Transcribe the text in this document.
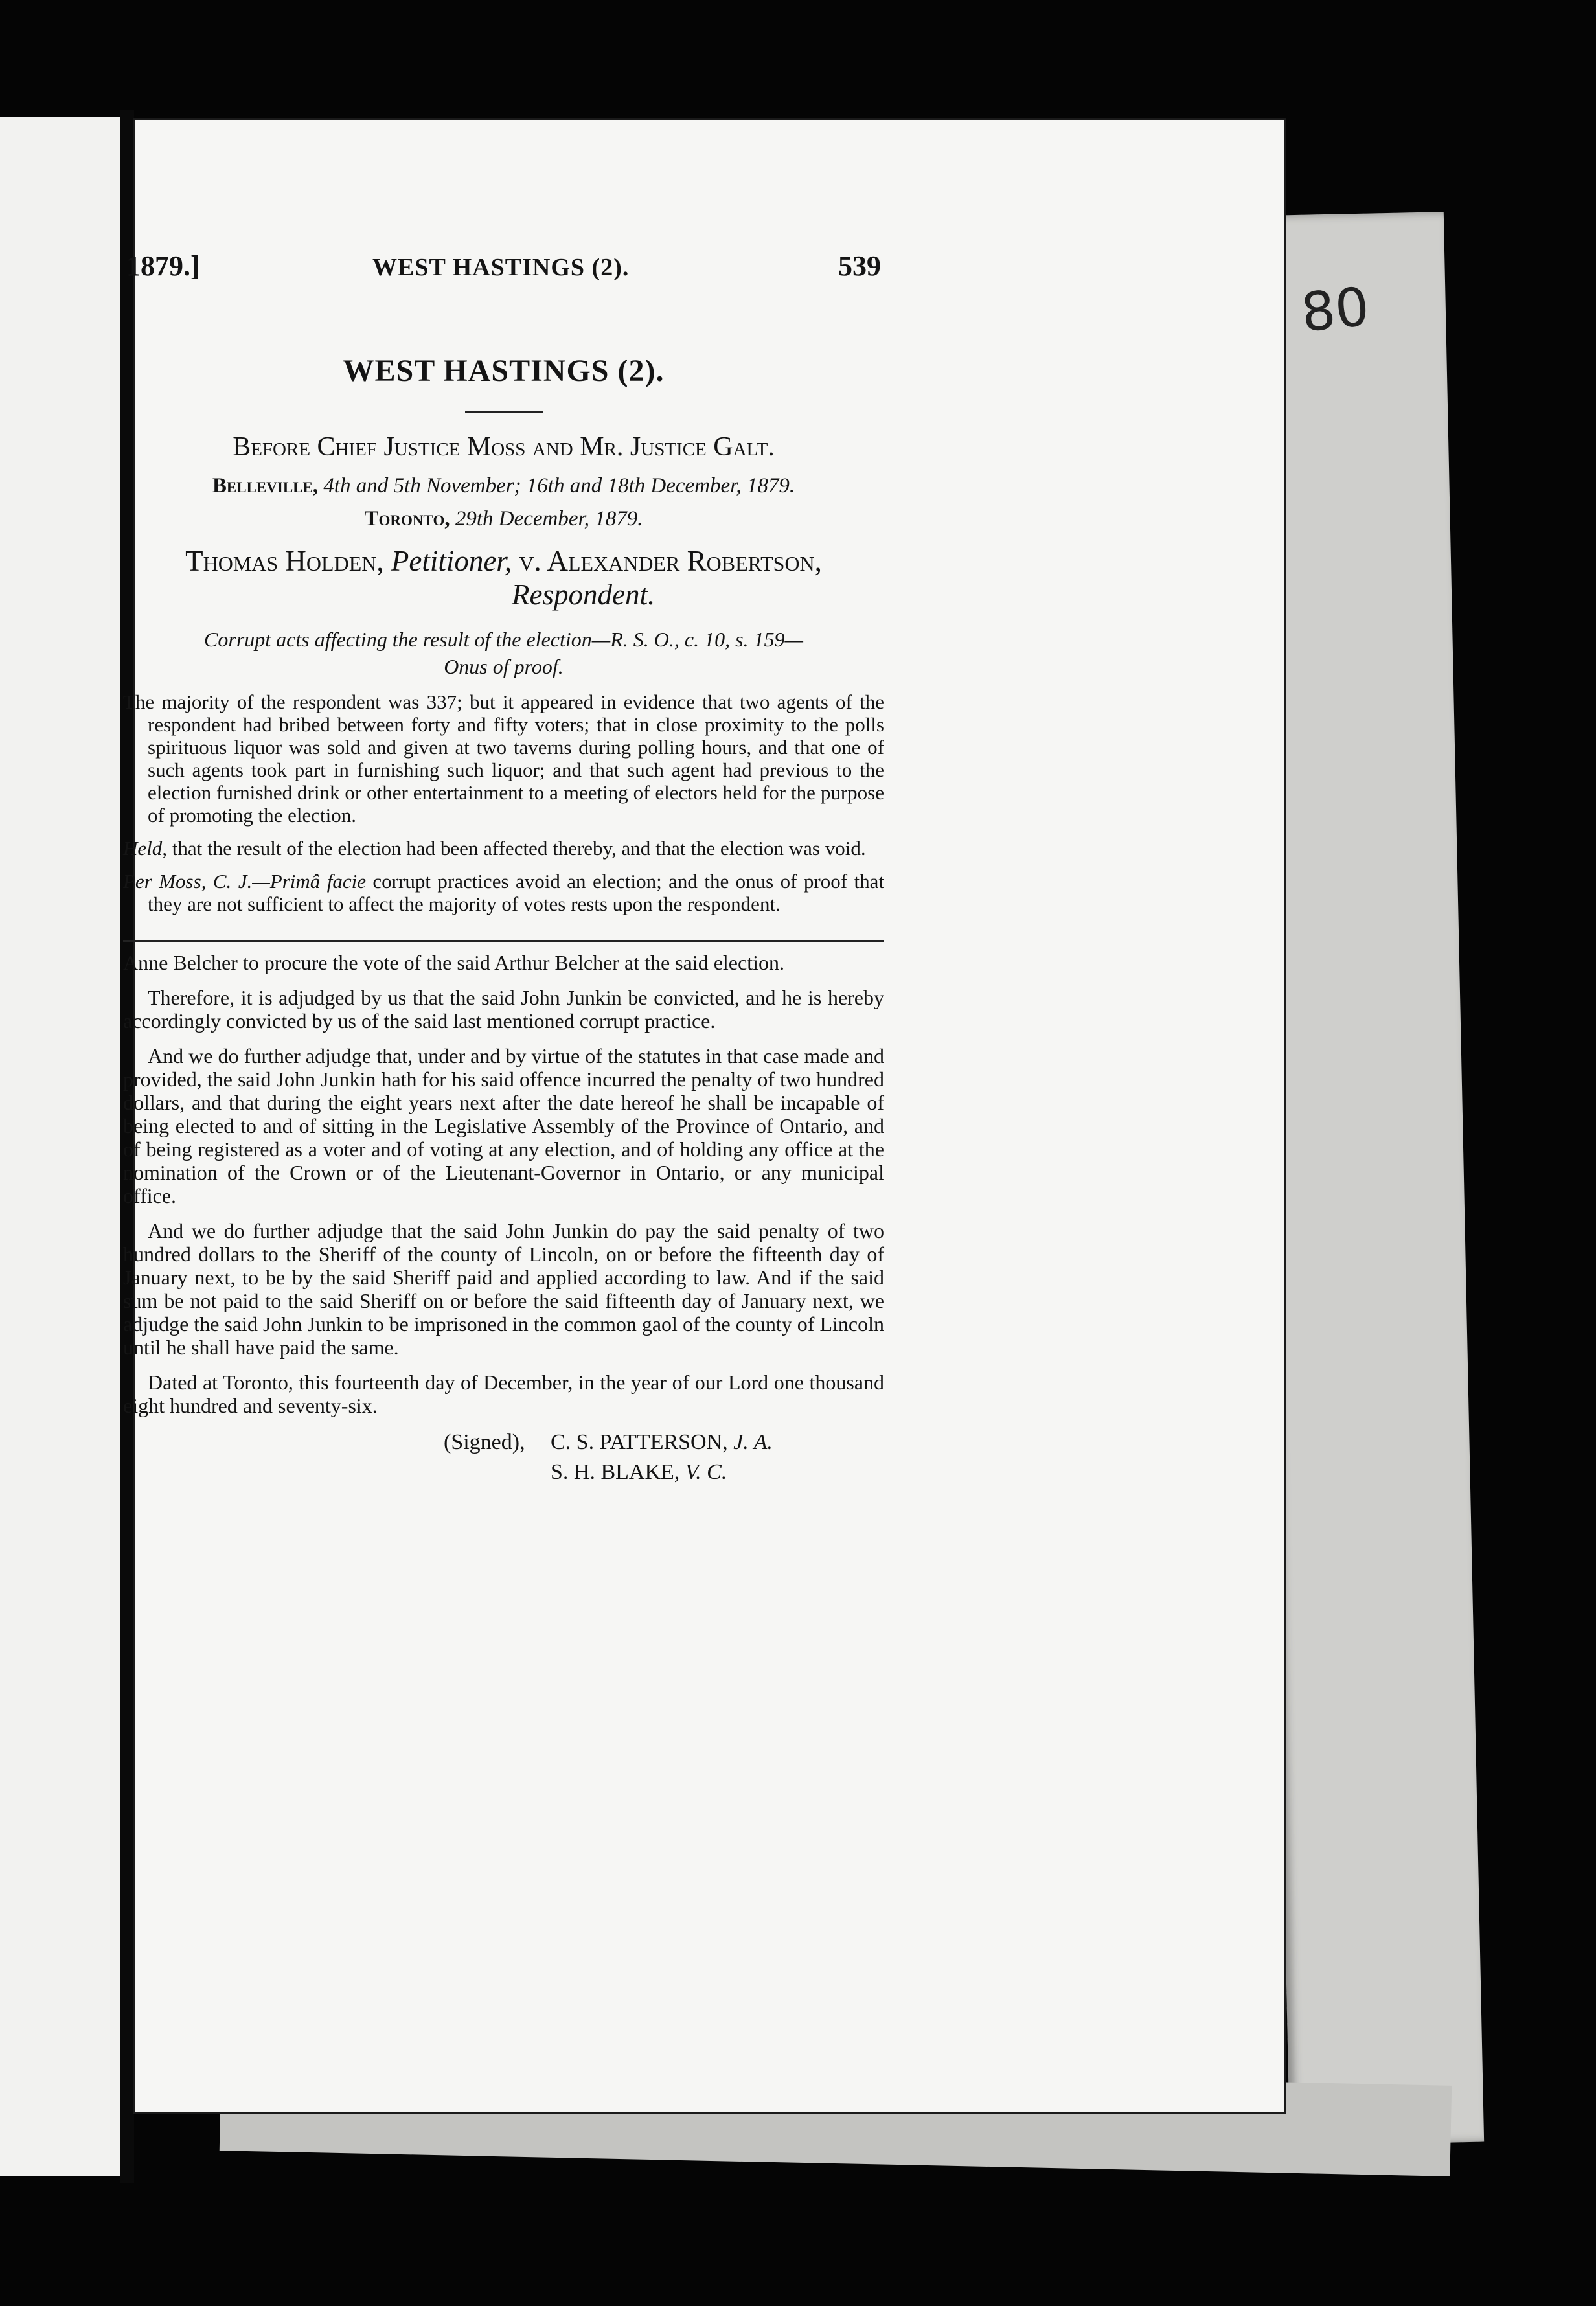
80
1879.]	WEST HASTINGS (2).	539
WEST HASTINGS (2).

Before Chief Justice Moss and Mr. Justice Galt.

Belleville, 4th and 5th November; 16th and 18th December, 1879.

Toronto, 29th December, 1879.

Thomas Holden, Petitioner, v. Alexander Robertson,

Respondent.

Corrupt acts affecting the result of the election—R. S. O., c. 10, s. 159—
Onus of proof.

The majority of the respondent was 337; but it appeared in evidence that two agents of the respondent had bribed between forty and fifty voters; that in close proximity to the polls spirituous liquor was sold and given at two taverns during polling hours, and that one of such agents took part in furnishing such liquor; and that such agent had previous to the election furnished drink or other entertainment to a meeting of electors held for the purpose of promoting the election.

Held, that the result of the election had been affected thereby, and that the election was void.

Per Moss, C. J.—Primâ facie corrupt practices avoid an election; and the onus of proof that they are not sufficient to affect the majority of votes rests upon the respondent.

Anne Belcher to procure the vote of the said Arthur Belcher at the said election.

Therefore, it is adjudged by us that the said John Junkin be convicted, and he is hereby accordingly convicted by us of the said last mentioned corrupt practice.

And we do further adjudge that, under and by virtue of the statutes in that case made and provided, the said John Junkin hath for his said offence incurred the penalty of two hundred dollars, and that during the eight years next after the date hereof he shall be incapable of being elected to and of sitting in the Legislative Assembly of the Province of Ontario, and of being registered as a voter and of voting at any election, and of holding any office at the nomination of the Crown or of the Lieutenant-Governor in Ontario, or any municipal office.

And we do further adjudge that the said John Junkin do pay the said penalty of two hundred dollars to the Sheriff of the county of Lincoln, on or before the fifteenth day of January next, to be by the said Sheriff paid and applied according to law. And if the said sum be not paid to the said Sheriff on or before the said fifteenth day of January next, we adjudge the said John Junkin to be imprisoned in the common gaol of the county of Lincoln until he shall have paid the same.

Dated at Toronto, this fourteenth day of December, in the year of our Lord one thousand eight hundred and seventy-six.

(Signed), C. S. PATTERSON, J. A.
S. H. BLAKE, V. C.
